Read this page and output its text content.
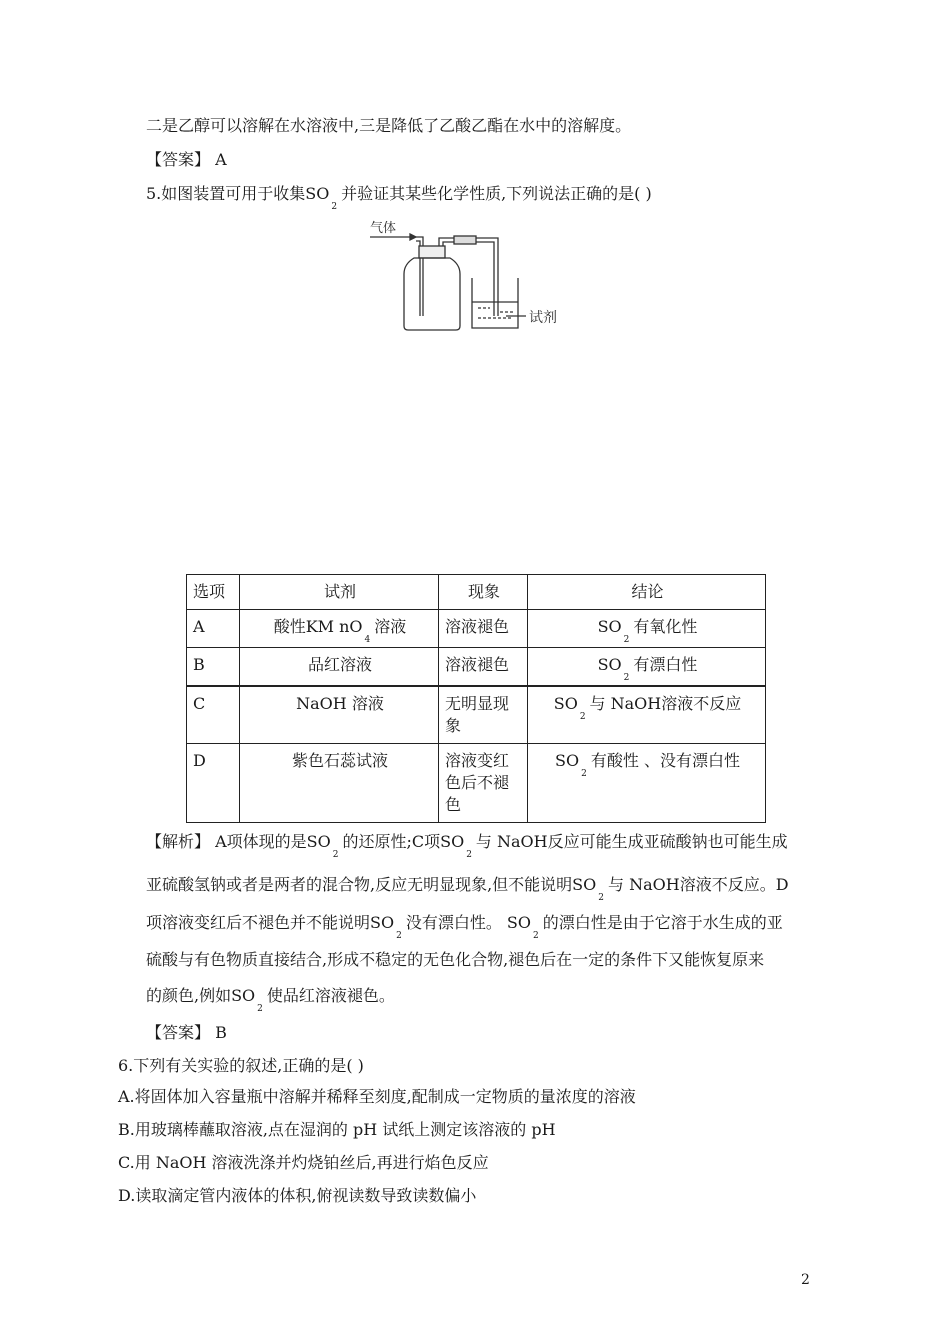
二是乙醇可以溶解在水溶液中,三是降低了乙酸乙酯在水中的溶解度。
【答案】 A
5.如图装置可用于收集$SO_2$并验证其某些化学性质,下列说法正确的是( )
气体
试剂
选项	试剂	现象	结论
A	酸性KM $nO_4$溶液	溶液褪色	$SO_2$有氧化性
B	品红溶液	溶液褪色	$SO_2$有漂白性
C	NaOH 溶液	无明显现象	$SO_2$与 NaOH溶液不反应
D	紫色石蕊试液	溶液变红色后不褪色	$SO_2$有酸性 、没有漂白性
【解析】 A项体现的是$SO_2$的还原性;C项$SO_2$与 NaOH反应可能生成亚硫酸钠也可能生成
亚硫酸氢钠或者是两者的混合物,反应无明显现象,但不能说明$SO_2$与 NaOH溶液不反应。D
项溶液变红后不褪色并不能说明$SO_2$没有漂白性。 $SO_2$的漂白性是由于它溶于水生成的亚
硫酸与有色物质直接结合,形成不稳定的无色化合物,褪色后在一定的条件下又能恢复原来
的颜色,例如$SO_2$使品红溶液褪色。
【答案】 B
6.下列有关实验的叙述,正确的是( )
A.将固体加入容量瓶中溶解并稀释至刻度,配制成一定物质的量浓度的溶液
B.用玻璃棒蘸取溶液,点在湿润的 pH 试纸上测定该溶液的 pH
C.用 NaOH 溶液洗涤并灼烧铂丝后,再进行焰色反应
D.读取滴定管内液体的体积,俯视读数导致读数偏小
2
